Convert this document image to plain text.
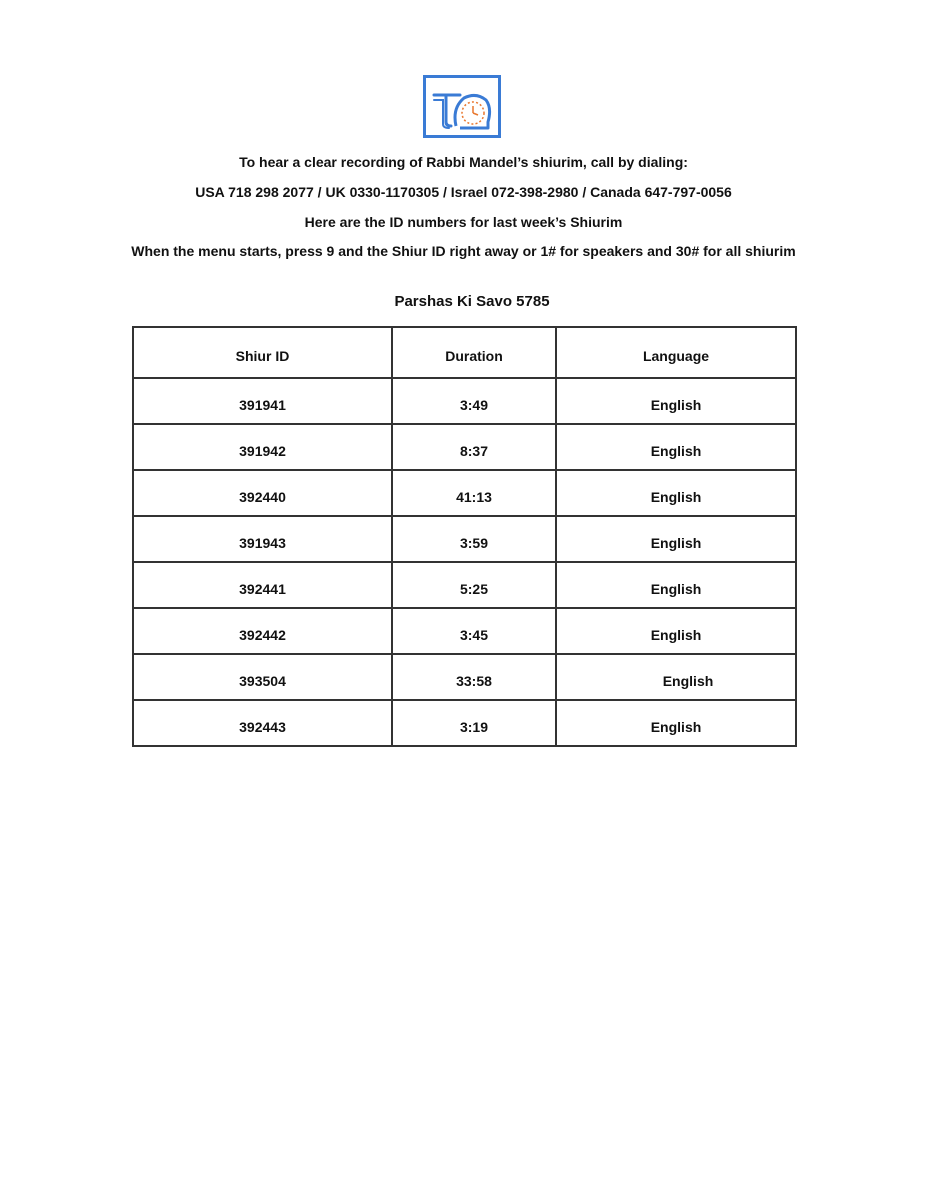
To hear a clear recording of Rabbi Mandel’s shiurim, call by dialing:
USA 718 298 2077 / UK 0330-1170305 / Israel 072-398-2980 / Canada 647-797-0056
Here are the ID numbers for last week’s Shiurim
When the menu starts, press 9 and the Shiur ID right away or 1# for speakers and 30# for all shiurim
Parshas Ki Savo 5785
Shiur ID	Duration	Language
391941	3:49	English
391942	8:37	English
392440	41:13	English
391943	3:59	English
392441	5:25	English
392442	3:45	English
393504	33:58	English
392443	3:19	English
